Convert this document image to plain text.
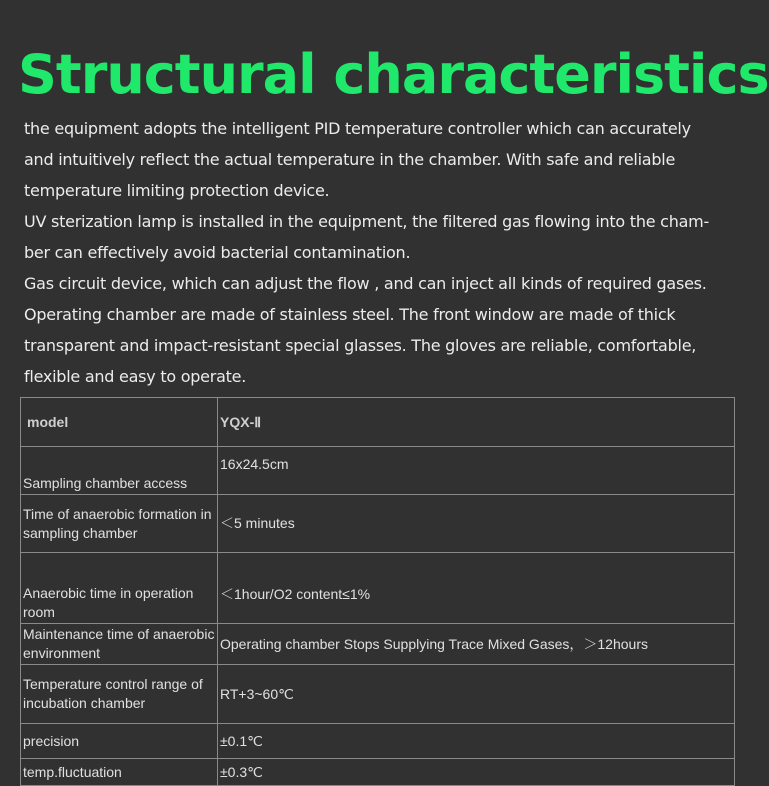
Structural characteristics
the equipment adopts the intelligent PID temperature controller which can accurately
and intuitively reflect the actual temperature in the chamber. With safe and reliable
temperature limiting protection device.
UV sterization lamp is installed in the equipment, the filtered gas flowing into the cham-
ber can effectively avoid bacterial contamination.
Gas circuit device, which can adjust the flow , and can inject all kinds of required gases.
Operating chamber are made of stainless steel. The front window are made of thick
transparent and impact-resistant special glasses. The gloves are reliable, comfortable,
flexible and easy to operate.
model	YQX-Ⅱ
Sampling chamber access	16x24.5cm
Time of anaerobic formation in sampling chamber	＜5 minutes
Anaerobic time in operation room	＜1hour/O2 content≤1%
Maintenance time of anaerobic environment	Operating chamber Stops Supplying Trace Mixed Gases，＞12hours
Temperature control range of incubation chamber	RT+3~60℃
precision	±0.1℃
temp.fluctuation	±0.3℃
